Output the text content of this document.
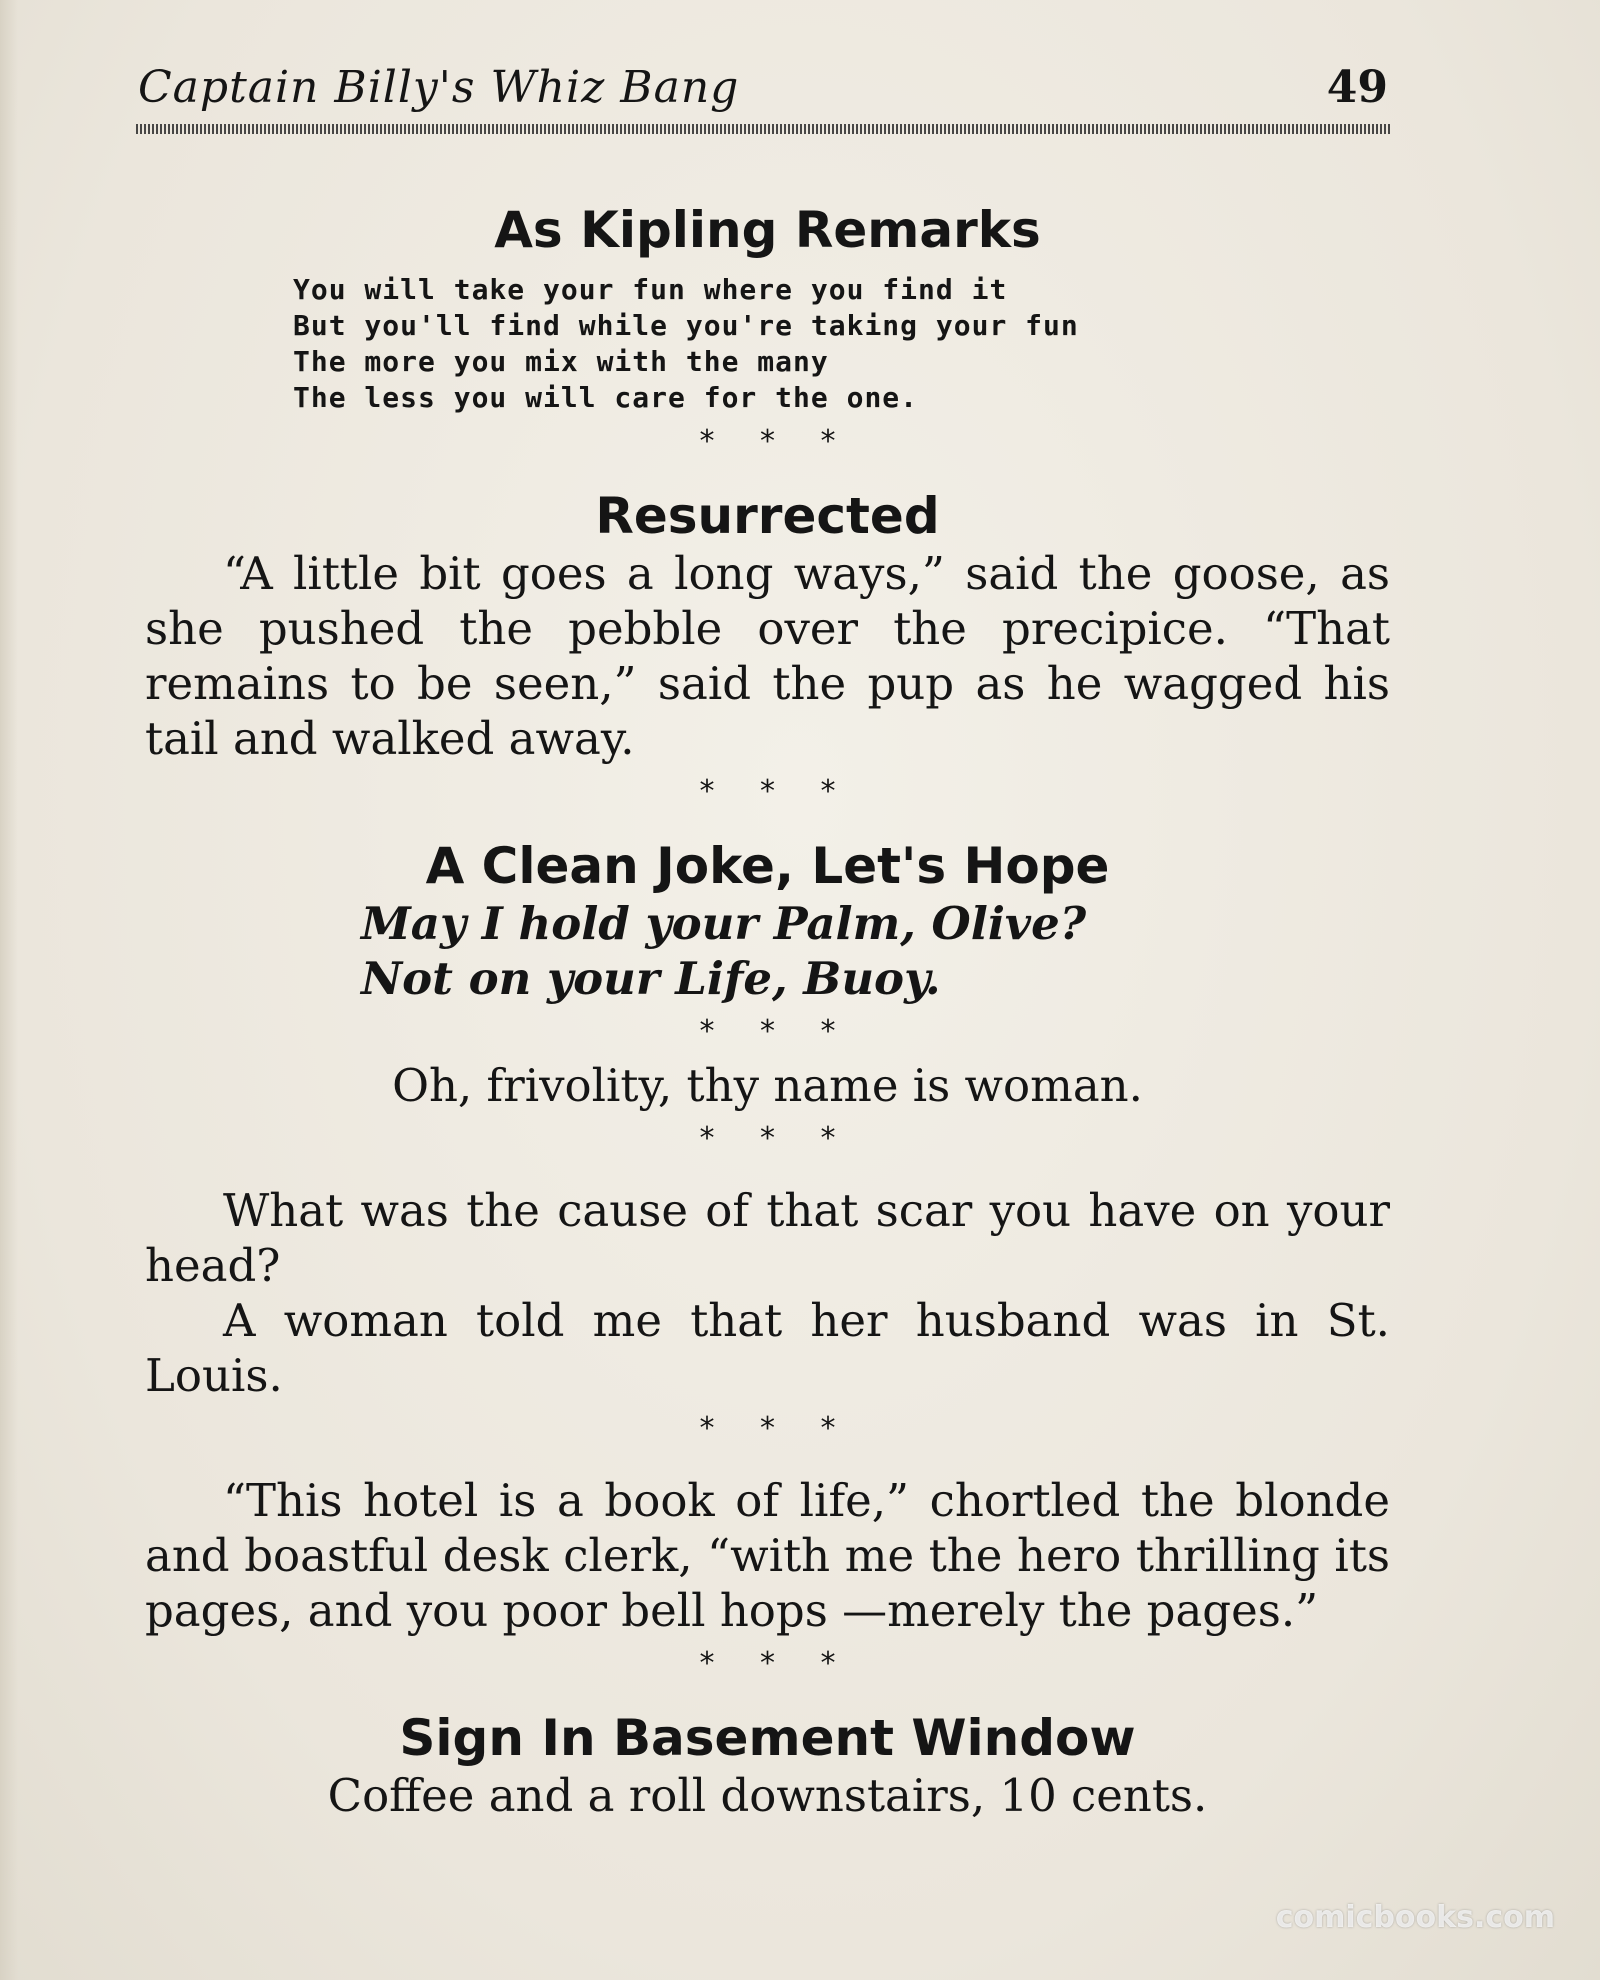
Captain Billy's Whiz Bang	49
As Kipling Remarks
You will take your fun where you find it
But you'll find while you're taking your fun
The more you mix with the many
The less you will care for the one.
* * *
Resurrected

“A little bit goes a long ways,” said the goose, as she pushed the pebble over the precipice. “That remains to be seen,” said the pup as he wagged his tail and walked away.

* * *
A Clean Joke, Let's Hope

May I hold your Palm, Olive?

Not on your Life, Buoy.

* * *

Oh, frivolity, thy name is woman.

* * *

What was the cause of that scar you have on your head?

A woman told me that her husband was in St. Louis.

* * *

“This hotel is a book of life,” chortled the blonde and boastful desk clerk, “with me the hero thrilling its pages, and you poor bell hops —merely the pages.”

* * *
Sign In Basement Window

Coffee and a roll downstairs, 10 cents.

comicbooks.com
